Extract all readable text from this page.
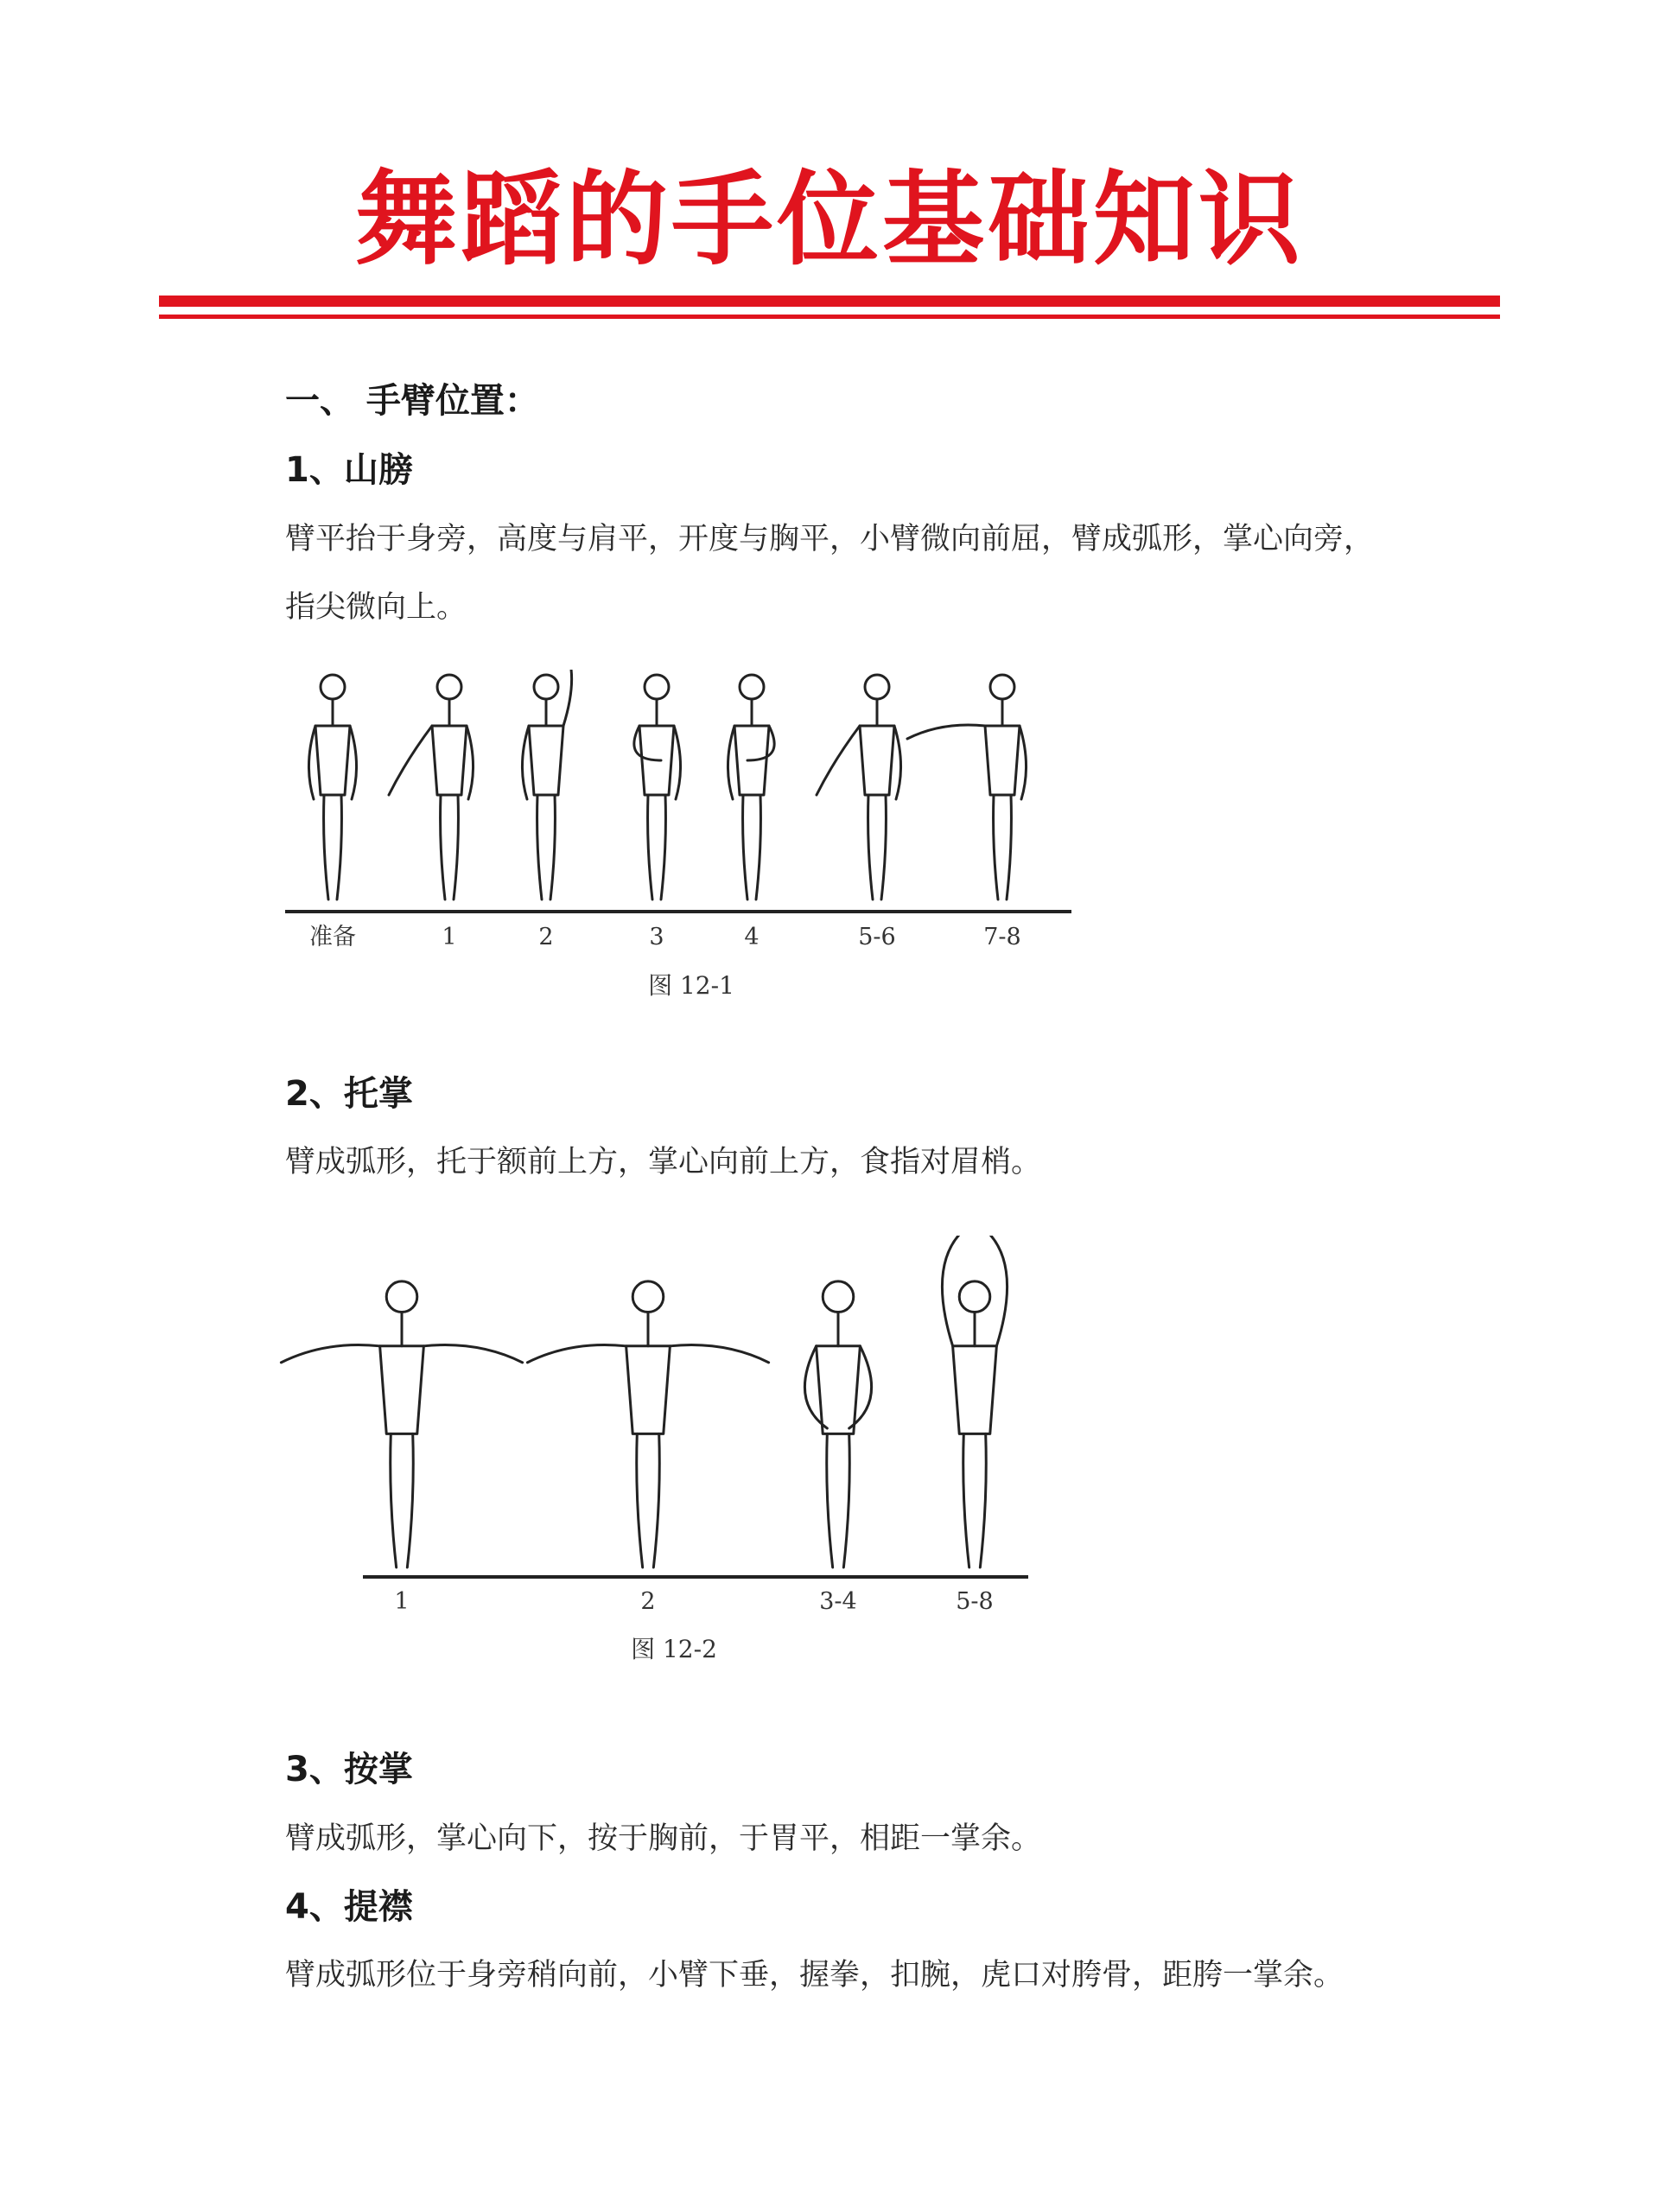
舞蹈的手位基础知识
一、 手臂位置：
1、山膀
臂平抬于身旁，高度与肩平，开度与胸平，小臂微向前屈，臂成弧形，掌心向旁，
指尖微向上。
准备	1	2	3	4	5-6	7-8
图 12-1
2、托掌
臂成弧形，托于额前上方，掌心向前上方，食指对眉梢。
1	2	3-4	5-8
图 12-2
3、按掌
臂成弧形，掌心向下，按于胸前，于胃平，相距一掌余。
4、提襟
臂成弧形位于身旁稍向前，小臂下垂，握拳，扣腕，虎口对胯骨，距胯一掌余。
